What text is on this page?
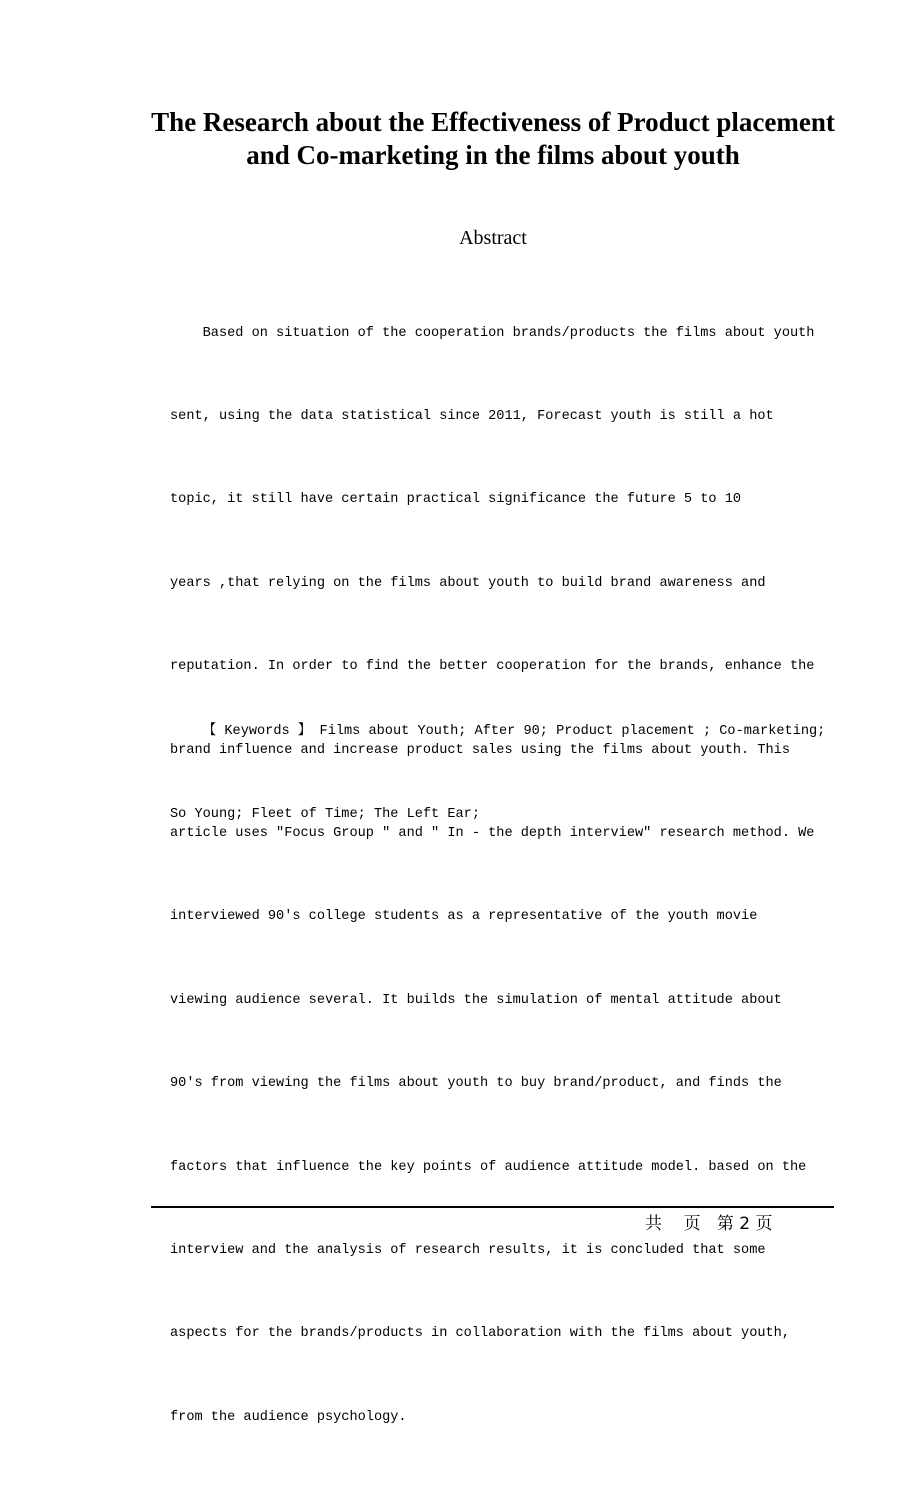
The Research about the Effectiveness of Product placement and Co-marketing in the films about youth
Abstract

Based on situation of the cooperation brands/products the films about youth

sent, using the data statistical since 2011, Forecast youth is still a hot

topic, it still have certain practical significance the future 5 to 10

years ,that relying on the films about youth to build brand awareness and

reputation. In order to find the better cooperation for the brands, enhance the

brand influence and increase product sales using the films about youth. This

article uses "Focus Group " and " In - the depth interview" research method. We

interviewed 90's college students as a representative of the youth movie

viewing audience several. It builds the simulation of mental attitude about

90's from viewing the films about youth to buy brand/product, and finds the

factors that influence the key points of audience attitude model. based on the

interview and the analysis of research results, it is concluded that some

aspects for the brands/products in collaboration with the films about youth,

from the audience psychology.

【 Keywords 】 Films about Youth; After 90; Product placement ; Co-marketing;

So Young; Fleet of Time; The Left Ear;

共    页   第 2 页
